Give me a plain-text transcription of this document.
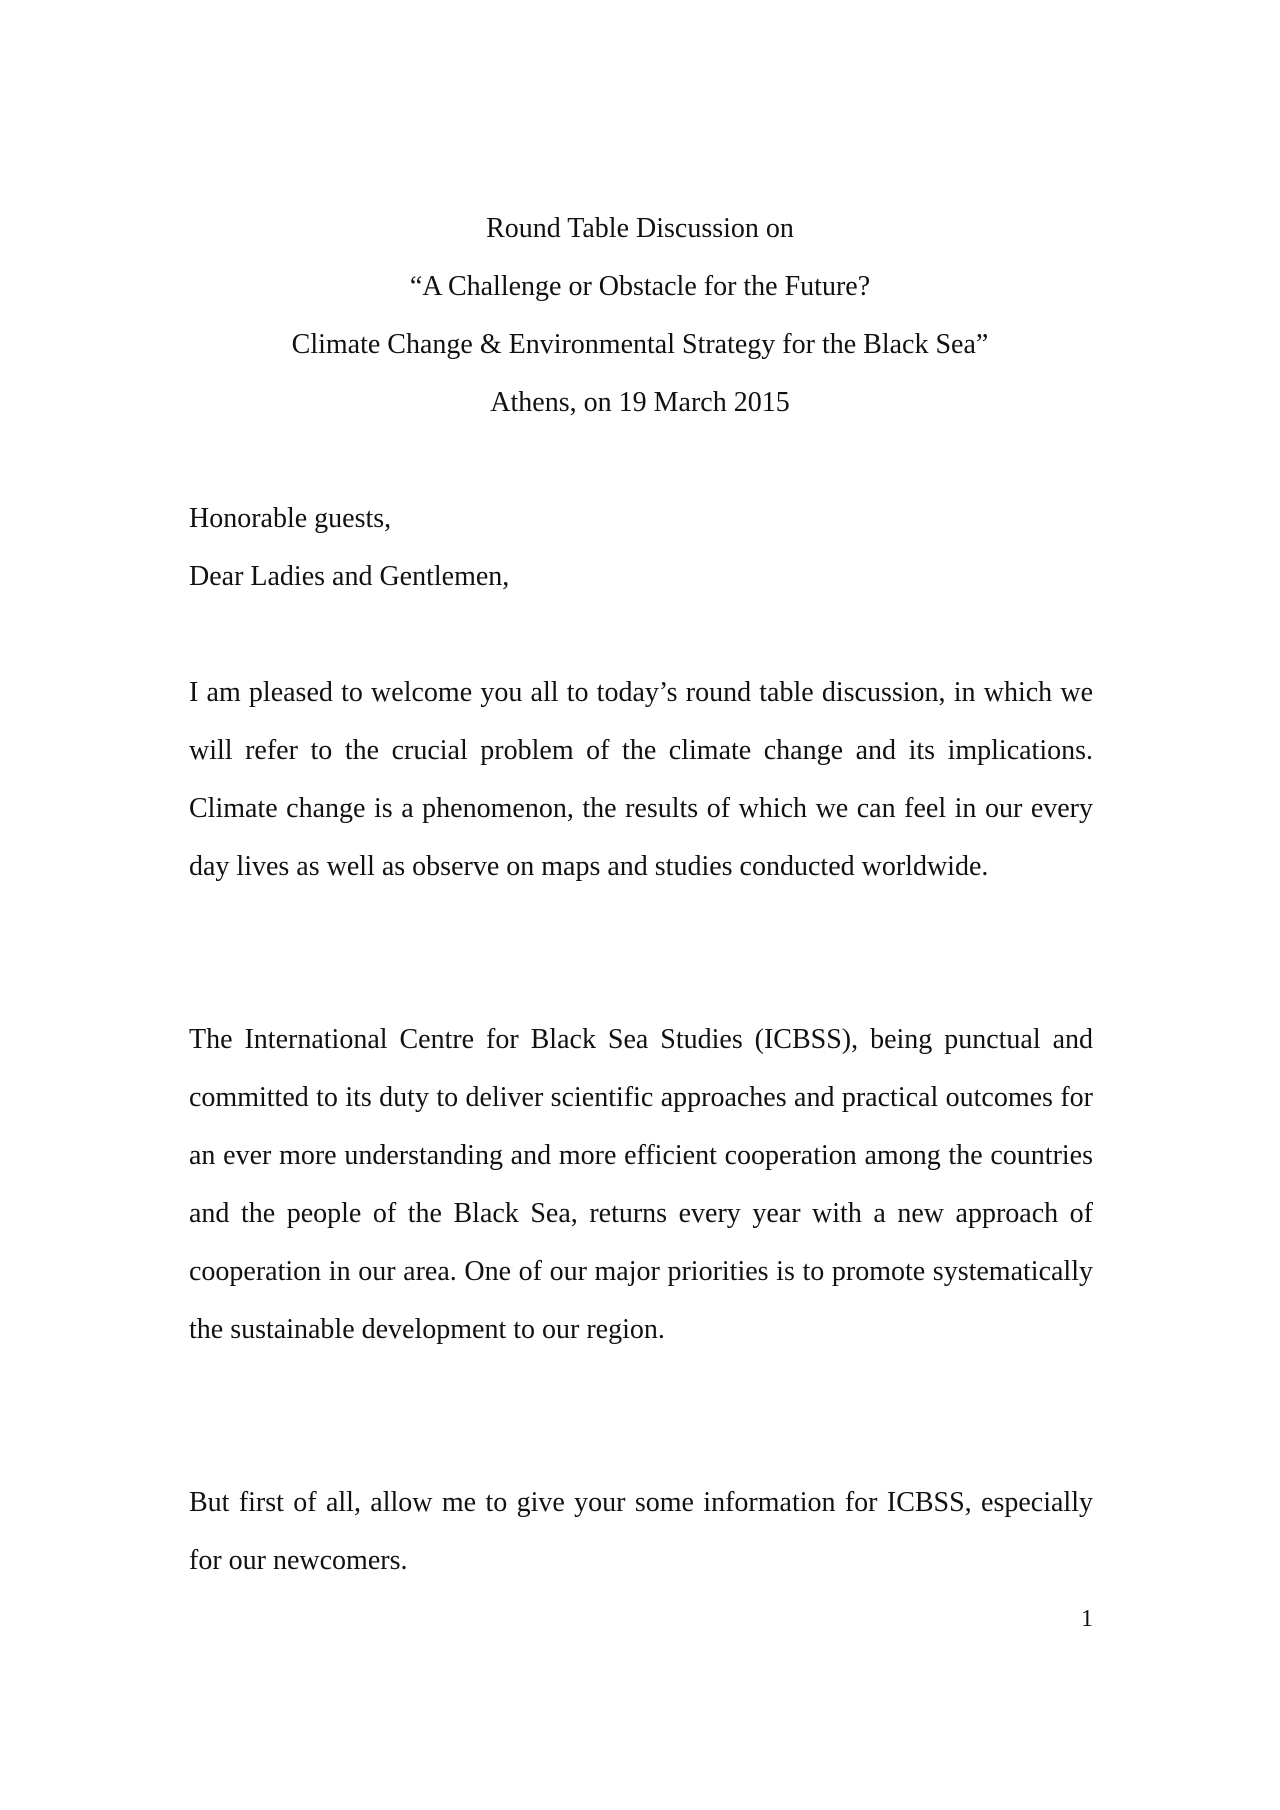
Round Table Discussion on
“A Challenge or Obstacle for the Future?
Climate Change & Environmental Strategy for the Black Sea”
Athens, on 19 March 2015
Honorable guests,
Dear Ladies and Gentlemen,

I am pleased to welcome you all to today’s round table discussion, in which we will refer to the crucial problem of the climate change and its implications. Climate change is a phenomenon, the results of which we can feel in our every day lives as well as observe on maps and studies conducted worldwide.

The International Centre for Black Sea Studies (ICBSS), being punctual and committed to its duty to deliver scientific approaches and practical outcomes for an ever more understanding and more efficient cooperation among the countries and the people of the Black Sea, returns every year with a new approach of cooperation in our area. One of our major priorities is to promote systematically the sustainable development to our region.

But first of all, allow me to give your some information for ICBSS, especially for our newcomers.

1
